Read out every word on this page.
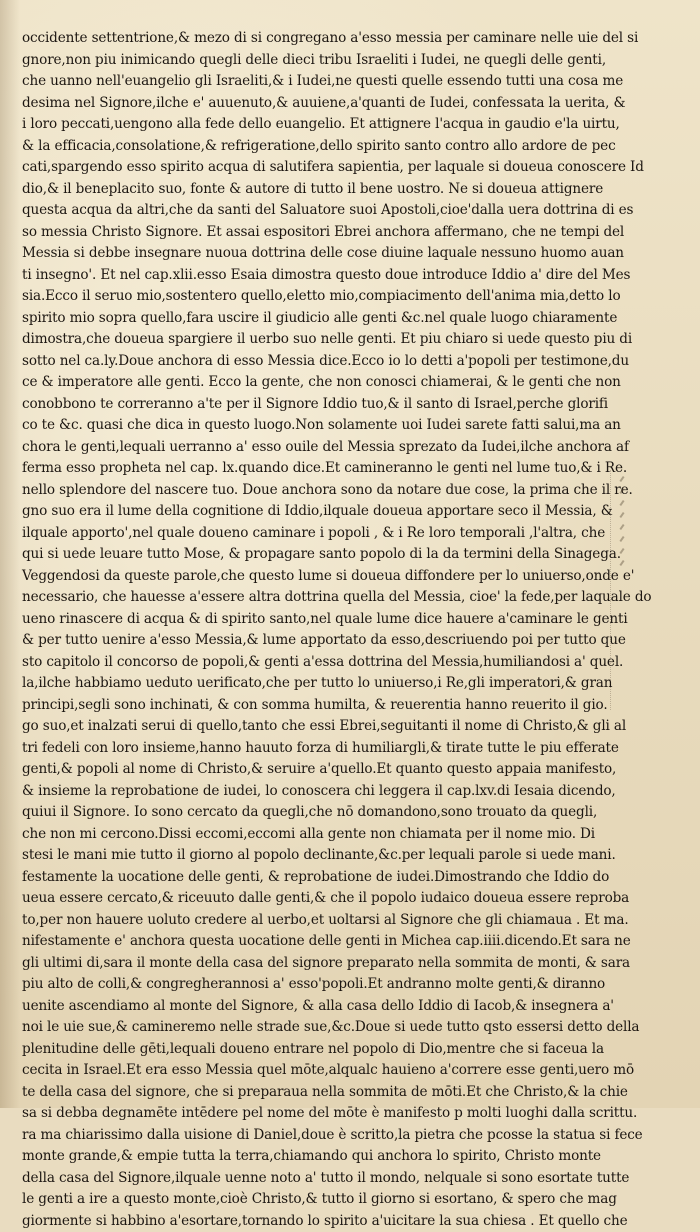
occidente settentrione,& mezo di si congregano a'esso messia per caminare nelle uie del si
gnore,non piu inimicando quegli delle dieci tribu Israeliti i Iudei, ne quegli delle genti,
che uanno nell'euangelio gli Israeliti,& i Iudei,ne questi quelle essendo tutti una cosa me
desima nel Signore,ilche e' auuenuto,& auuiene,a'quanti de Iudei, confessata la uerita, &
i loro peccati,uengono alla fede dello euangelio. Et attignere l'acqua in gaudio e'la uirtu,
& la efficacia,consolatione,& refrigeratione,dello spirito santo contro allo ardore de pec
cati,spargendo esso spirito acqua di salutifera sapientia, per laquale si doueua conoscere Id
dio,& il beneplacito suo, fonte & autore di tutto il bene uostro. Ne si doueua attignere
questa acqua da altri,che da santi del Saluatore suoi Apostoli,cioe'dalla uera dottrina di es
so messia Christo Signore. Et assai espositori Ebrei anchora affermano, che ne tempi del
Messia si debbe insegnare nuoua dottrina delle cose diuine laquale nessuno huomo auan
ti insegno'. Et nel cap.xlii.esso Esaia dimostra questo doue introduce Iddio a' dire del Mes
sia.Ecco il seruo mio,sostentero quello,eletto mio,compiacimento dell'anima mia,detto lo
spirito mio sopra quello,fara uscire il giudicio alle genti &c.nel quale luogo chiaramente
dimostra,che doueua spargiere il uerbo suo nelle genti. Et piu chiaro si uede questo piu di
sotto nel ca.ly.Doue anchora di esso Messia dice.Ecco io lo detti a'popoli per testimone,du
ce & imperatore alle genti. Ecco la gente, che non conosci chiamerai, & le genti che non
conobbono te correranno a'te per il Signore Iddio tuo,& il santo di Israel,perche glorifi
co te &c. quasi che dica in questo luogo.Non solamente uoi Iudei sarete fatti salui,ma an
chora le genti,lequali uerranno a' esso ouile del Messia sprezato da Iudei,ilche anchora af
ferma esso propheta nel cap. lx.quando dice.Et camineranno le genti nel lume tuo,& i Re.
nello splendore del nascere tuo. Doue anchora sono da notare due cose, la prima che il re.
gno suo era il lume della cognitione di Iddio,ilquale doueua apportare seco il Messia, &
ilquale apporto',nel quale doueno caminare i popoli , & i Re loro temporali ,l'altra, che
qui si uede leuare tutto Mose, & propagare santo popolo di la da termini della Sinagega.
Veggendosi da queste parole,che questo lume si doueua diffondere per lo uniuerso,onde e'
necessario, che hauesse a'essere altra dottrina quella del Messia, cioe' la fede,per laquale do
ueno rinascere di acqua & di spirito santo,nel quale lume dice hauere a'caminare le genti
& per tutto uenire a'esso Messia,& lume apportato da esso,descriuendo poi per tutto que
sto capitolo il concorso de popoli,& genti a'essa dottrina del Messia,humiliandosi a' quel.
la,ilche habbiamo ueduto uerificato,che per tutto lo uniuerso,i Re,gli imperatori,& gran
principi,segli sono inchinati, & con somma humilta, & reuerentia hanno reuerito il gio.
go suo,et inalzati serui di quello,tanto che essi Ebrei,seguitanti il nome di Christo,& gli al
tri fedeli con loro insieme,hanno hauuto forza di humiliargli,& tirate tutte le piu efferate
genti,& popoli al nome di Christo,& seruire a'quello.Et quanto questo appaia manifesto,
& insieme la reprobatione de iudei, lo conoscera chi leggera il cap.lxv.di Iesaia dicendo,
quiui il Signore. Io sono cercato da quegli,che nō domandono,sono trouato da quegli,
che non mi cercono.Dissi eccomi,eccomi alla gente non chiamata per il nome mio. Di
stesi le mani mie tutto il giorno al popolo declinante,&c.per lequali parole si uede mani.
festamente la uocatione delle genti, & reprobatione de iudei.Dimostrando che Iddio do
ueua essere cercato,& riceuuto dalle genti,& che il popolo iudaico doueua essere reproba
to,per non hauere uoluto credere al uerbo,et uoltarsi al Signore che gli chiamaua . Et ma.
nifestamente e' anchora questa uocatione delle genti in Michea cap.iiii.dicendo.Et sara ne
gli ultimi di,sara il monte della casa del signore preparato nella sommita de monti, & sara
piu alto de colli,& congregherannosi a' esso'popoli.Et andranno molte genti,& diranno
uenite ascendiamo al monte del Signore, & alla casa dello Iddio di Iacob,& insegnera a'
noi le uie sue,& camineremo nelle strade sue,&c.Doue si uede tutto qsto essersi detto della
plenitudine delle gēti,lequali doueno entrare nel popolo di Dio,mentre che si faceua la
cecita in Israel.Et era esso Messia quel mōte,alqualc hauieno a'correre esse genti,uero mō
te della casa del signore, che si preparaua nella sommita de mōti.Et che Christo,& la chie
sa si debba degnamēte intēdere pel nome del mōte è manifesto p molti luoghi dalla scrittu.
ra ma chiarissimo dalla uisione di Daniel,doue è scritto,la pietra che pcosse la statua si fece
monte grande,& empie tutta la terra,chiamando qui anchora lo spirito, Christo monte
della casa del Signore,ilquale uenne noto a' tutto il mondo, nelquale si sono esortate tutte
le genti a ire a questo monte,cioè Christo,& tutto il giorno si esortano, & spero che mag
giormente si habbino a'esortare,tornando lo spirito a'uicitare la sua chiesa . Et quello che
